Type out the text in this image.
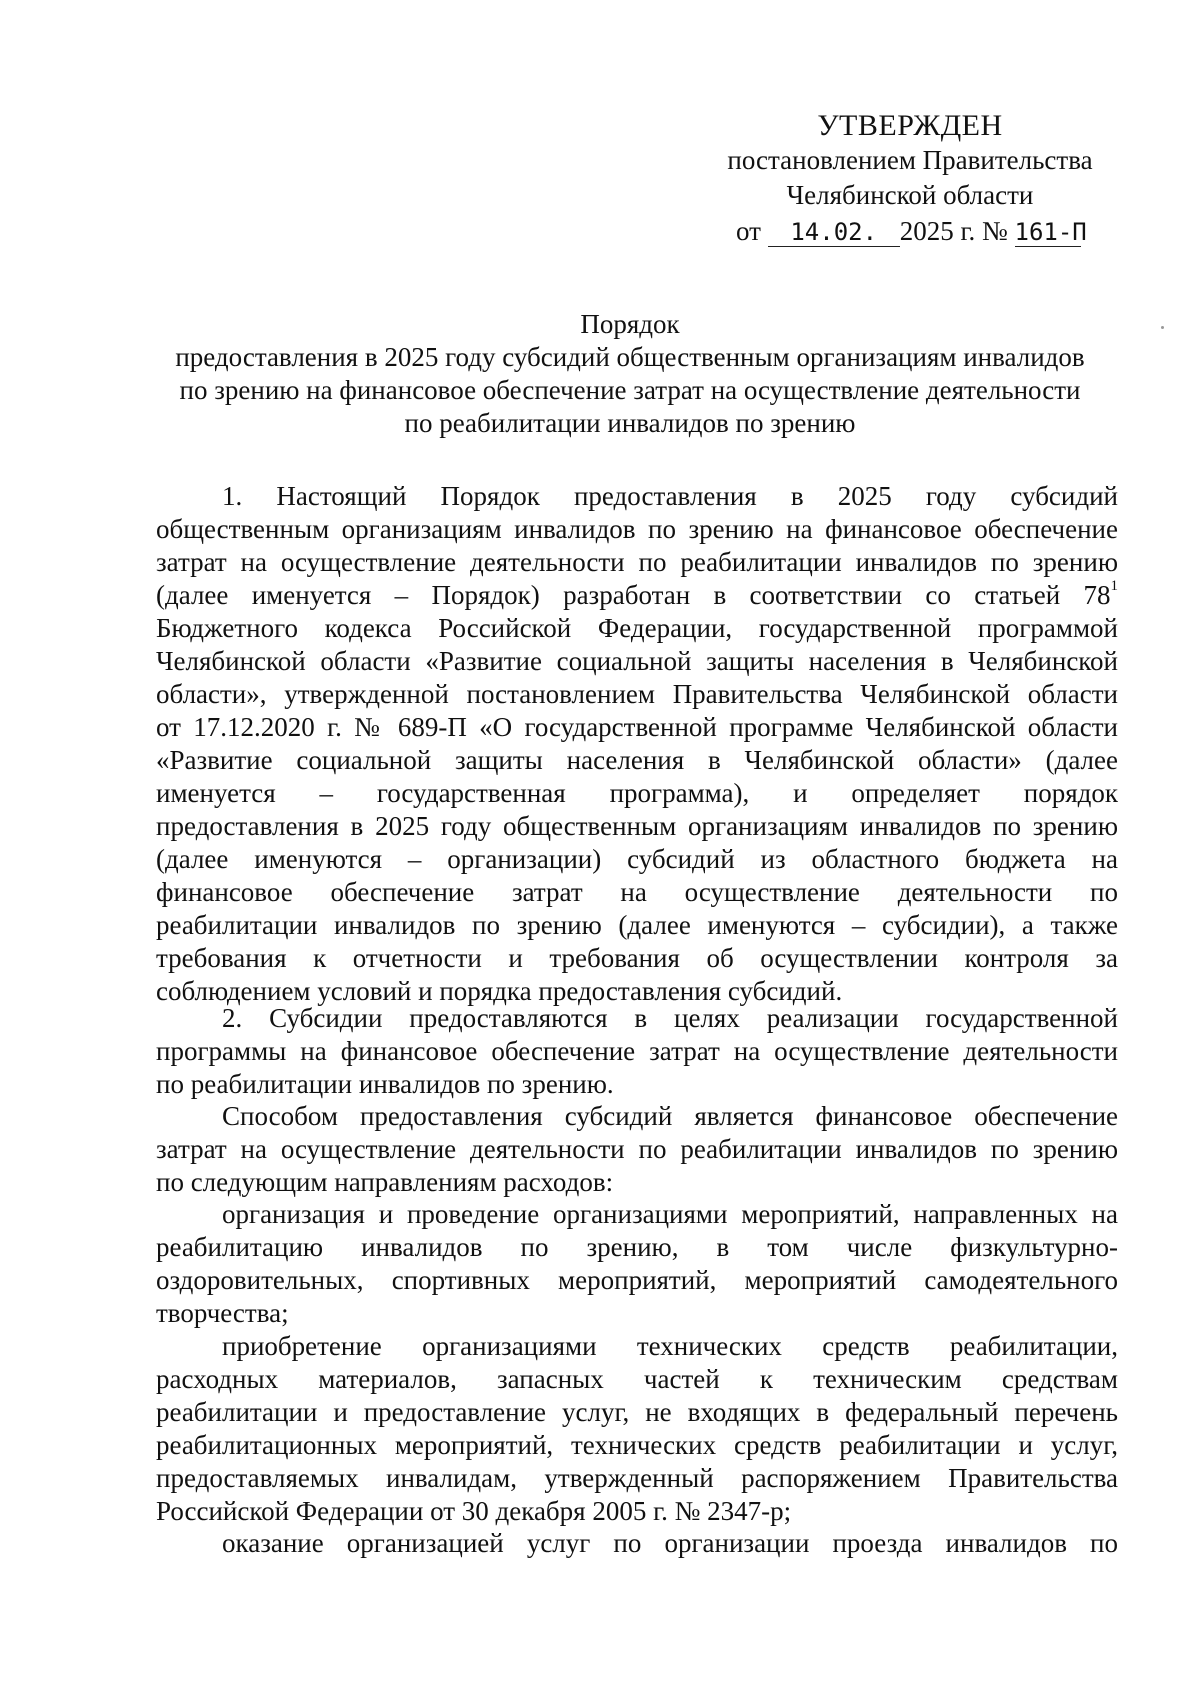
УТВЕРЖДЕН
постановлением Правительства
Челябинской области
от 14.02. 2025 г. № 161-П
Порядок
предоставления в 2025 году субсидий общественным организациям инвалидов
по зрению на финансовое обеспечение затрат на осуществление деятельности
по реабилитации инвалидов по зрению
1. Настоящий Порядок предоставления в 2025 году субсидий
общественным организациям инвалидов по зрению на финансовое обеспечение
затрат на осуществление деятельности по реабилитации инвалидов по зрению
(далее именуется – Порядок) разработан в соответствии со статьей $78^1$
Бюджетного кодекса Российской Федерации, государственной программой
Челябинской области «Развитие социальной защиты населения в Челябинской
области», утвержденной постановлением Правительства Челябинской области
от 17.12.2020 г. № 689-П «О государственной программе Челябинской области
«Развитие социальной защиты населения в Челябинской области» (далее
именуется – государственная программа), и определяет порядок
предоставления в 2025 году общественным организациям инвалидов по зрению
(далее именуются – организации) субсидий из областного бюджета на
финансовое обеспечение затрат на осуществление деятельности по
реабилитации инвалидов по зрению (далее именуются – субсидии), а также
требования к отчетности и требования об осуществлении контроля за
соблюдением условий и порядка предоставления субсидий.
2. Субсидии предоставляются в целях реализации государственной
программы на финансовое обеспечение затрат на осуществление деятельности
по реабилитации инвалидов по зрению.
Способом предоставления субсидий является финансовое обеспечение
затрат на осуществление деятельности по реабилитации инвалидов по зрению
по следующим направлениям расходов:
организация и проведение организациями мероприятий, направленных на
реабилитацию инвалидов по зрению, в том числе физкультурно-
оздоровительных, спортивных мероприятий, мероприятий самодеятельного
творчества;
приобретение организациями технических средств реабилитации,
расходных материалов, запасных частей к техническим средствам
реабилитации и предоставление услуг, не входящих в федеральный перечень
реабилитационных мероприятий, технических средств реабилитации и услуг,
предоставляемых инвалидам, утвержденный распоряжением Правительства
Российской Федерации от 30 декабря 2005 г. № 2347-р;
оказание организацией услуг по организации проезда инвалидов по
